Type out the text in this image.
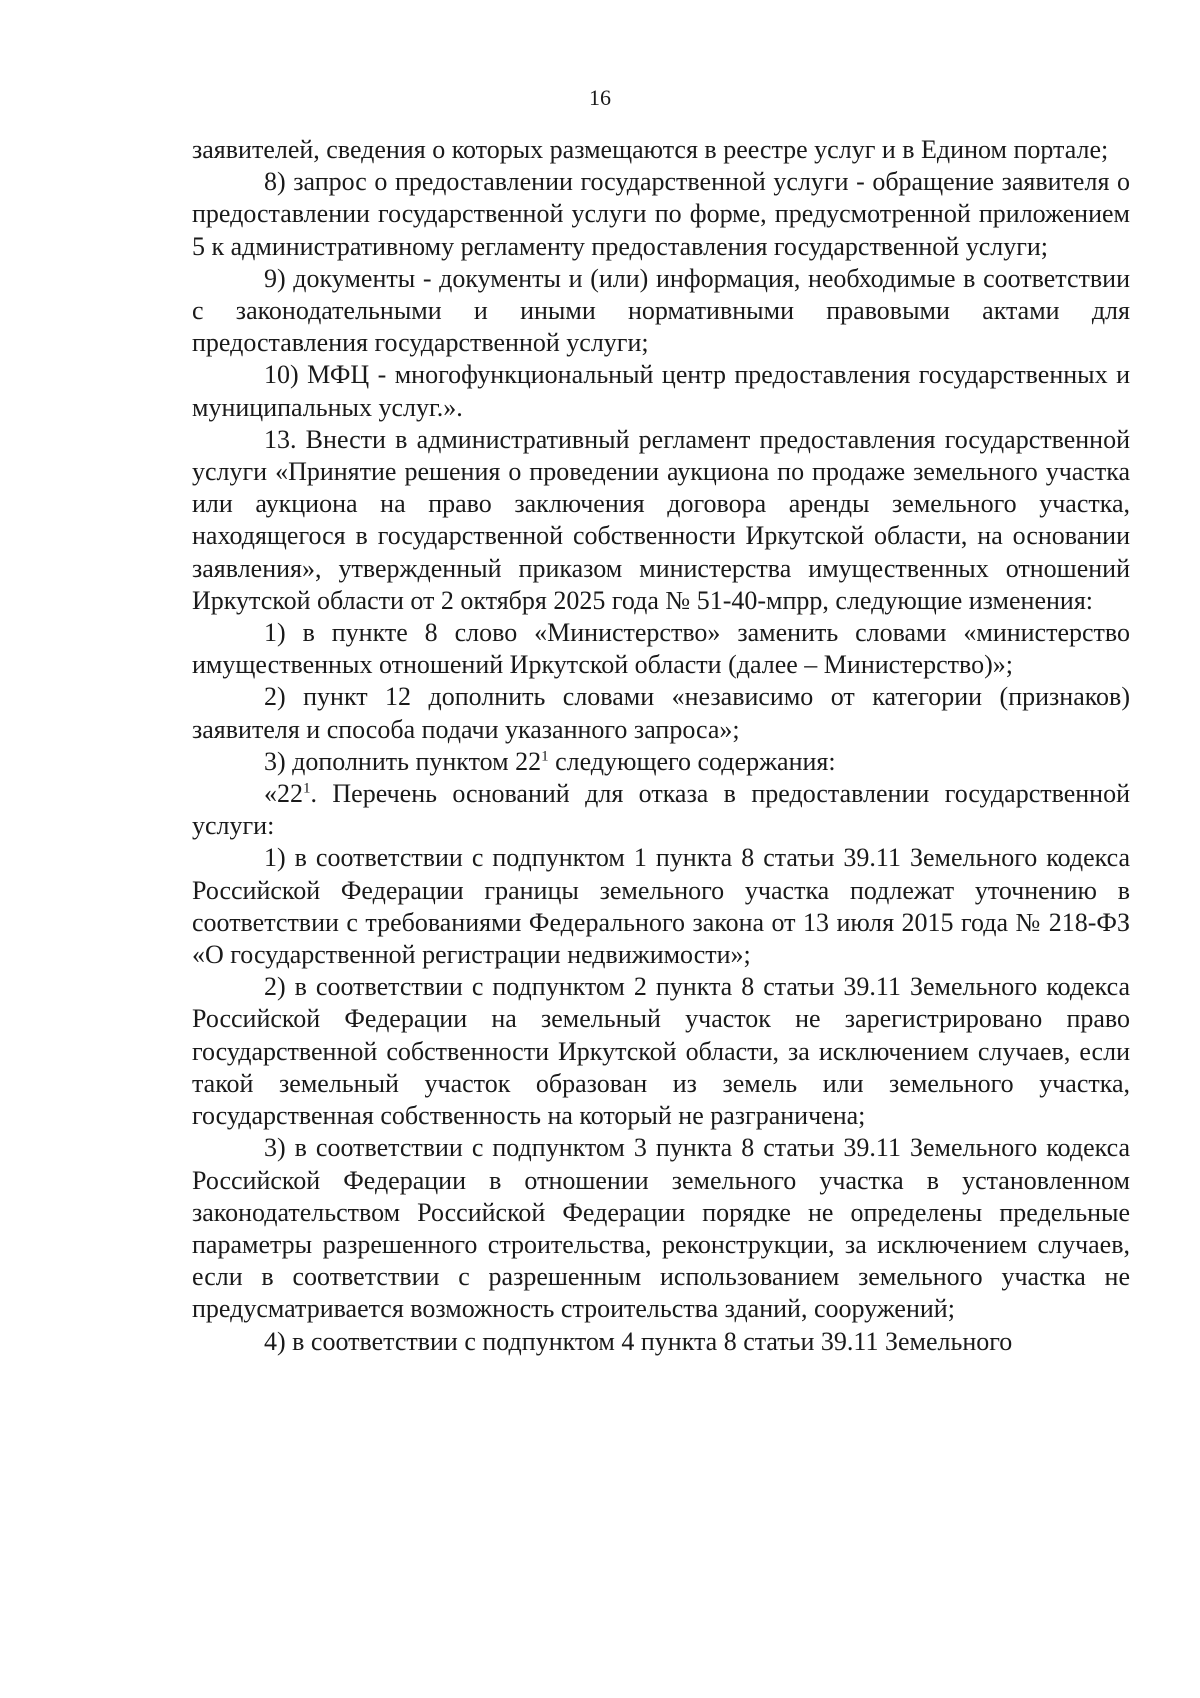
16

заявителей, сведения о которых размещаются в реестре услуг и в Едином портале;

8) запрос о предоставлении государственной услуги - обращение заявителя о предоставлении государственной услуги по форме, предусмотренной приложением 5 к административному регламенту предоставления государственной услуги;

9) документы - документы и (или) информация, необходимые в соответствии с законодательными и иными нормативными правовыми актами для предоставления государственной услуги;

10) МФЦ - многофункциональный центр предоставления государственных и муниципальных услуг.».

13. Внести в административный регламент предоставления государственной услуги «Принятие решения о проведении аукциона по продаже земельного участка или аукциона на право заключения договора аренды земельного участка, находящегося в государственной собственности Иркутской области, на основании заявления», утвержденный приказом министерства имущественных отношений Иркутской области от 2 октября 2025 года № 51-40-мпрр, следующие изменения:

1) в пункте 8 слово «Министерство» заменить словами «министерство имущественных отношений Иркутской области (далее – Министерство)»;

2) пункт 12 дополнить словами «независимо от категории (признаков) заявителя и способа подачи указанного запроса»;

3) дополнить пунктом $22^1$ следующего содержания:

«$22^1$. Перечень оснований для отказа в предоставлении государственной услуги:

1) в соответствии с подпунктом 1 пункта 8 статьи 39.11 Земельного кодекса Российской Федерации границы земельного участка подлежат уточнению в соответствии с требованиями Федерального закона от 13 июля 2015 года № 218-ФЗ «О государственной регистрации недвижимости»;

2) в соответствии с подпунктом 2 пункта 8 статьи 39.11 Земельного кодекса Российской Федерации на земельный участок не зарегистрировано право государственной собственности Иркутской области, за исключением случаев, если такой земельный участок образован из земель или земельного участка, государственная собственность на который не разграничена;

3) в соответствии с подпунктом 3 пункта 8 статьи 39.11 Земельного кодекса Российской Федерации в отношении земельного участка в установленном законодательством Российской Федерации порядке не определены предельные параметры разрешенного строительства, реконструкции, за исключением случаев, если в соответствии с разрешенным использованием земельного участка не предусматривается возможность строительства зданий, сооружений;

4) в соответствии с подпунктом 4 пункта 8 статьи 39.11 Земельного
